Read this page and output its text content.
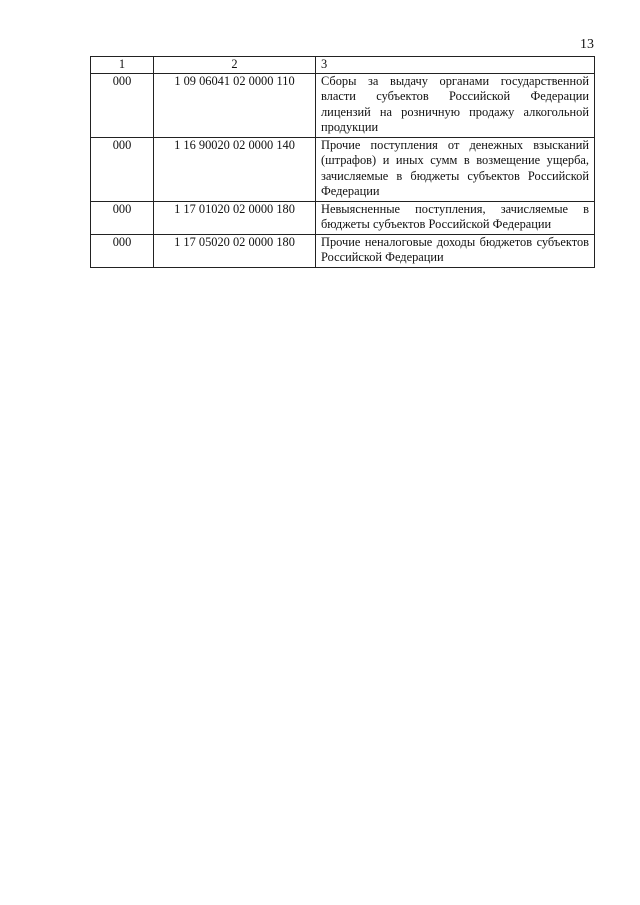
13
1	2	3
000	1 09 06041 02 0000 110	Сборы за выдачу органами государственной власти субъектов Российской Федерации лицензий на розничную продажу алкогольной продукции
000	1 16 90020 02 0000 140	Прочие поступления от денежных взысканий (штрафов) и иных сумм в возмещение ущерба, зачисляемые в бюджеты субъектов Российской Федерации
000	1 17 01020 02 0000 180	Невыясненные поступления, зачисляемые в бюджеты субъектов Российской Федерации
000	1 17 05020 02 0000 180	Прочие неналоговые доходы бюджетов субъектов Российской Федерации
